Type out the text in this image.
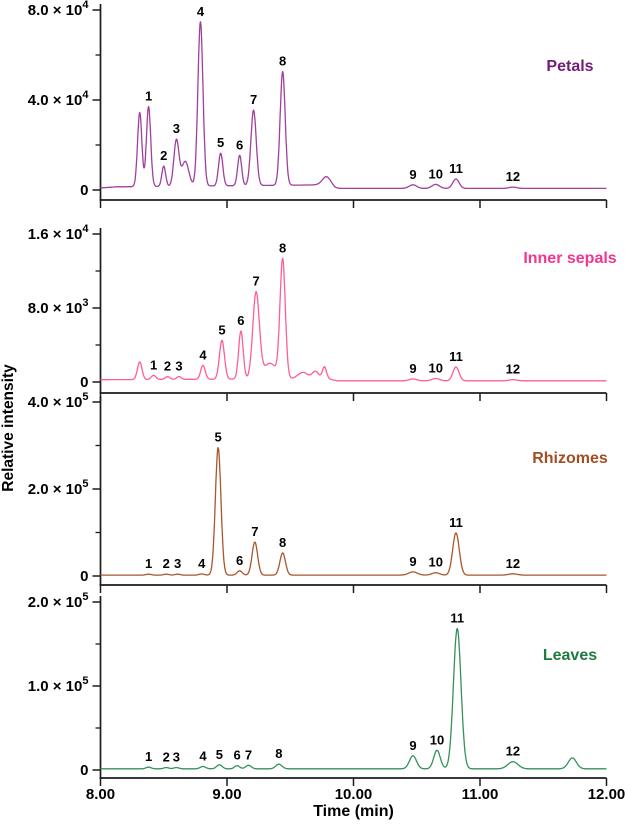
0
$4.0 \times 10^4$
$8.0 \times 10^4$
1
2
3
4
5 6
7
8
9 10 11
12
Petals
0
$8.0 \times 10^3$
$1.6 \times 10^4$
1 2 3
4
5
6
7
8
9 10
11
12
Inner sepals
0
$2.0 \times 10^5$
$4.0 \times 10^5$
1 2 3 4
5
6
7
8
9 10
11
12
Rhizomes
0
$1.0 \times 10^5$
$2.0 \times 10^5$
1 2 3 4 5 6 7 8
9 10
11
12
Leaves
8.00	9.00	10.00	11.00	12.00
Time (min)
Relative intensity
